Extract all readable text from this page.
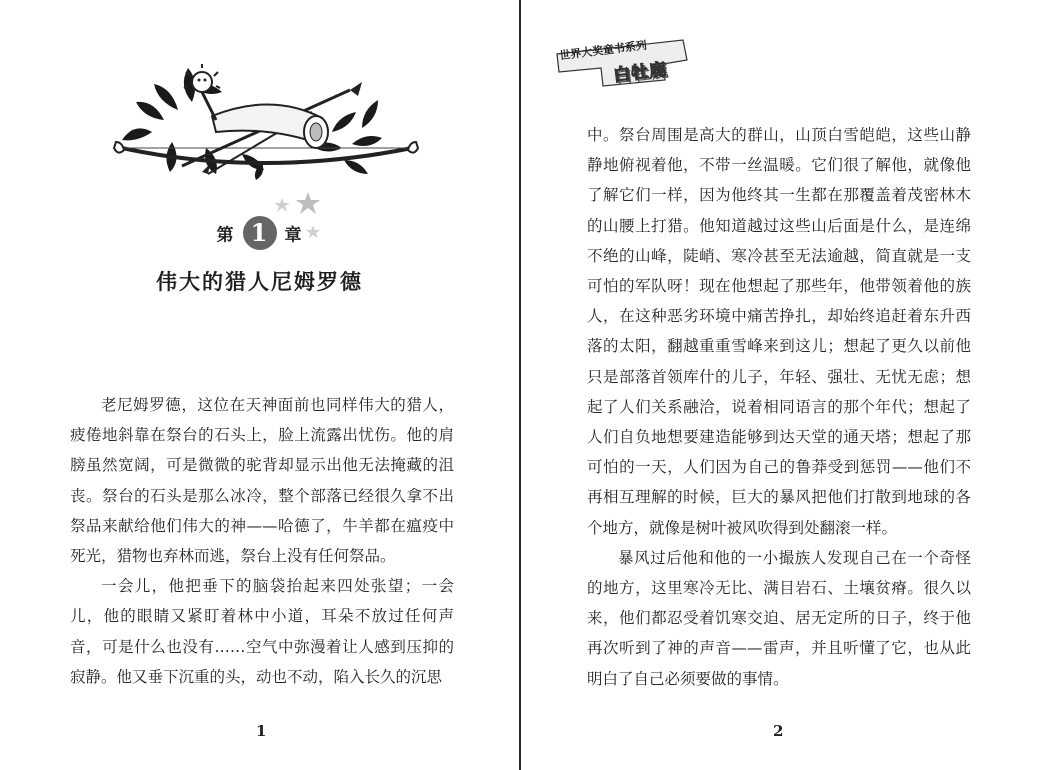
第 1 章
伟大的猎人尼姆罗德

老尼姆罗德，这位在天神面前也同样伟大的猎人，疲倦地斜靠在祭台的石头上，脸上流露出忧伤。他的肩膀虽然宽阔，可是微微的驼背却显示出他无法掩藏的沮丧。祭台的石头是那么冰冷，整个部落已经很久拿不出祭品来献给他们伟大的神——哈德了，牛羊都在瘟疫中死光，猎物也弃林而逃，祭台上没有任何祭品。

一会儿，他把垂下的脑袋抬起来四处张望；一会儿，他的眼睛又紧盯着林中小道，耳朵不放过任何声音，可是什么也没有……空气中弥漫着让人感到压抑的寂静。他又垂下沉重的头，动也不动，陷入长久的沉思

1	2

中。祭台周围是高大的群山，山顶白雪皑皑，这些山静静地俯视着他，不带一丝温暖。它们很了解他，就像他了解它们一样，因为他终其一生都在那覆盖着茂密林木的山腰上打猎。他知道越过这些山后面是什么，是连绵不绝的山峰，陡峭、寒冷甚至无法逾越，简直就是一支可怕的军队呀！现在他想起了那些年，他带领着他的族人，在这种恶劣环境中痛苦挣扎，却始终追赶着东升西落的太阳，翻越重重雪峰来到这儿；想起了更久以前他只是部落首领库什的儿子，年轻、强壮、无忧无虑；想起了人们关系融洽，说着相同语言的那个年代；想起了人们自负地想要建造能够到达天堂的通天塔；想起了那可怕的一天，人们因为自己的鲁莽受到惩罚——他们不再相互理解的时候，巨大的暴风把他们打散到地球的各个地方，就像是树叶被风吹得到处翻滚一样。

暴风过后他和他的一小撮族人发现自己在一个奇怪的地方，这里寒冷无比、满目岩石、土壤贫瘠。很久以来，他们都忍受着饥寒交迫、居无定所的日子，终于他再次听到了神的声音——雷声，并且听懂了它，也从此明白了自己必须要做的事情。

世界大奖童书系列
白牡鹿
